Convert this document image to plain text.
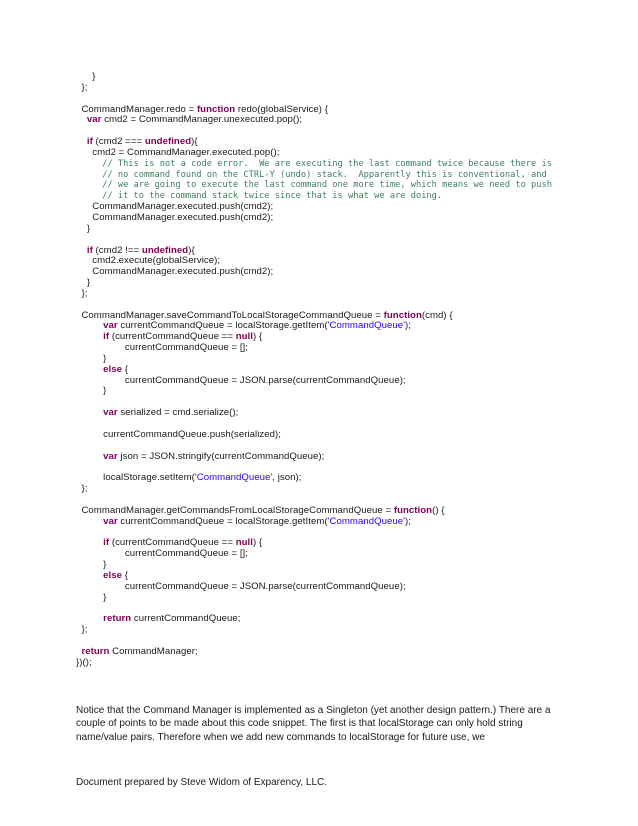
}
};
CommandManager.redo = function redo(globalService) {
var cmd2 = CommandManager.unexecuted.pop();
if (cmd2 === undefined){
cmd2 = CommandManager.executed.pop();
// This is not a code error.  We are executing the last command twice because there is
// no command found on the CTRL-Y (undo) stack.  Apparently this is conventional, and
// we are going to execute the last command one more time, which means we need to push
// it to the command stack twice since that is what we are doing.
CommandManager.executed.push(cmd2);
CommandManager.executed.push(cmd2);
}
if (cmd2 !== undefined){
cmd2.execute(globalService);
CommandManager.executed.push(cmd2);
}
};
CommandManager.saveCommandToLocalStorageCommandQueue = function(cmd) {
var currentCommandQueue = localStorage.getItem('CommandQueue');
if (currentCommandQueue == null) {
currentCommandQueue = [];
}
else {
currentCommandQueue = JSON.parse(currentCommandQueue);
}
var serialized = cmd.serialize();
currentCommandQueue.push(serialized);
var json = JSON.stringify(currentCommandQueue);
localStorage.setItem('CommandQueue', json);
};
CommandManager.getCommandsFromLocalStorageCommandQueue = function() {
var currentCommandQueue = localStorage.getItem('CommandQueue');
if (currentCommandQueue == null) {
currentCommandQueue = [];
}
else {
currentCommandQueue = JSON.parse(currentCommandQueue);
}
return currentCommandQueue;
};
return CommandManager;
})();

Notice that the Command Manager is implemented as a Singleton (yet another design pattern.) There are a couple of points to be made about this code snippet. The first is that localStorage can only hold string name/value pairs. Therefore when we add new commands to localStorage for future use, we

Document prepared by Steve Widom of Exparency, LLC.
